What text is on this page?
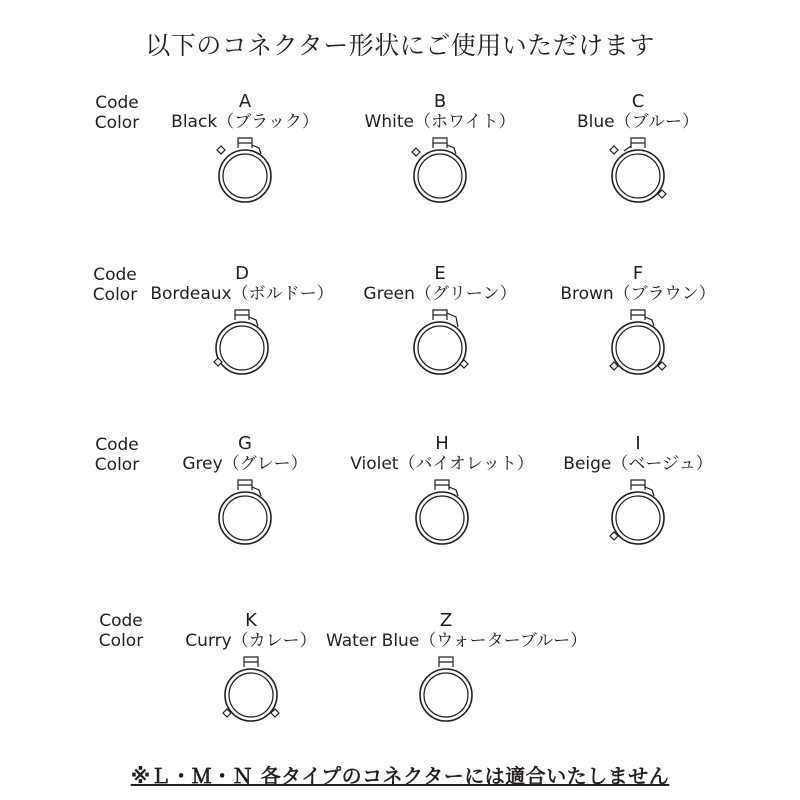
以下のコネクター形状にご使用いただけます
Code
Color
Code
Color
Code
Color
Code
Color
A
Black（ブラック）
B
White（ホワイト）
C
Blue（ブルー）
D
Bordeaux（ボルドー）
E
Green（グリーン）
F
Brown（ブラウン）
G
Grey（グレー）
H
Violet（バイオレット）
I
Beige（ベージュ）
K
Curry（カレー）
Z
Water Blue（ウォーターブルー）
※Ｌ・Ｍ・Ｎ 各タイプのコネクターには適合いたしません
